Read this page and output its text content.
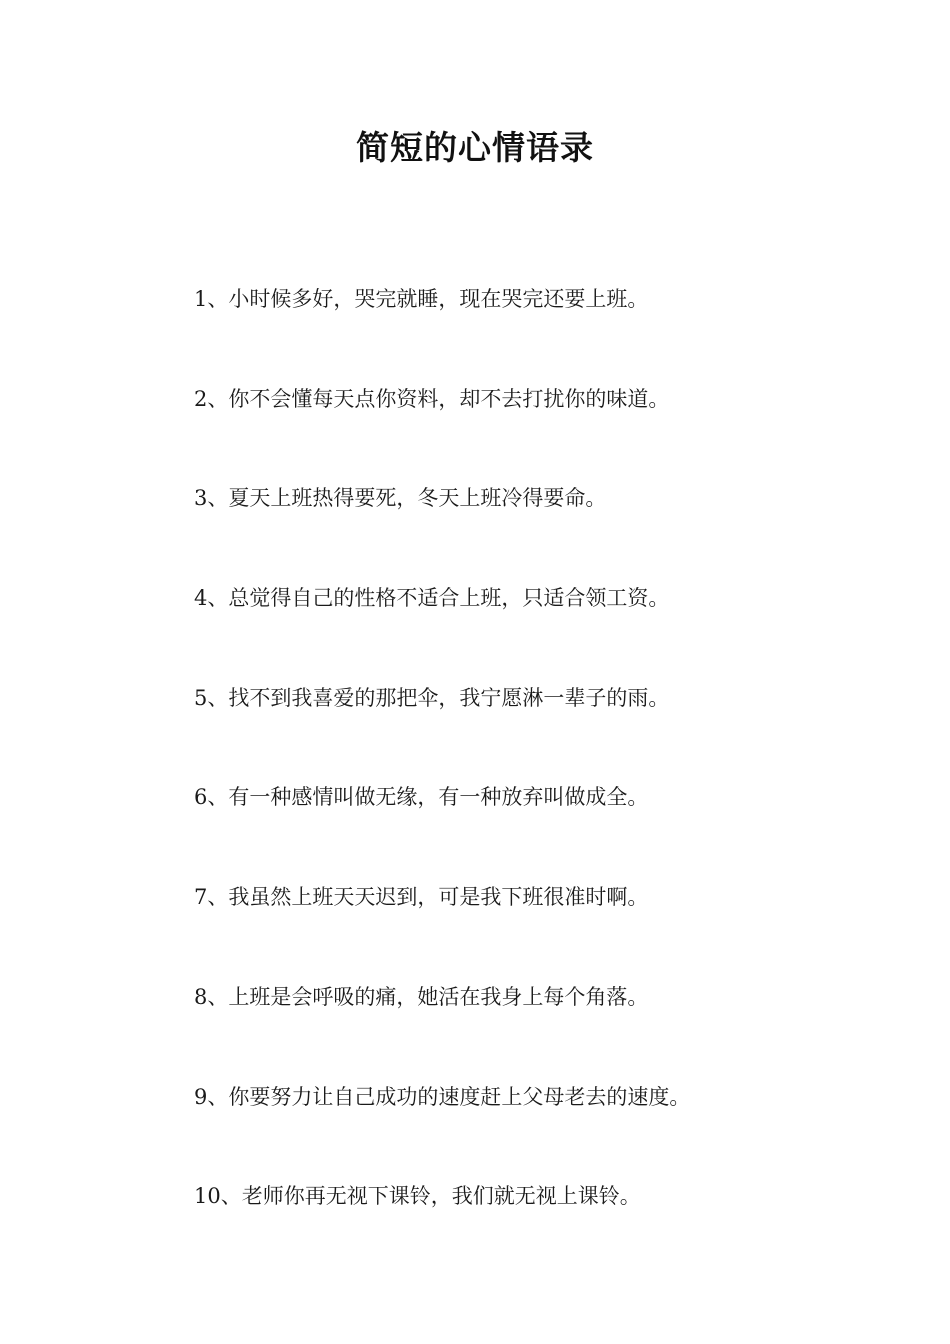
简短的心情语录
1、小时候多好，哭完就睡，现在哭完还要上班。
2、你不会懂每天点你资料，却不去打扰你的味道。
3、夏天上班热得要死，冬天上班冷得要命。
4、总觉得自己的性格不适合上班，只适合领工资。
5、找不到我喜爱的那把伞，我宁愿淋一辈子的雨。
6、有一种感情叫做无缘，有一种放弃叫做成全。
7、我虽然上班天天迟到，可是我下班很准时啊。
8、上班是会呼吸的痛，她活在我身上每个角落。
9、你要努力让自己成功的速度赶上父母老去的速度。
10、老师你再无视下课铃，我们就无视上课铃。
